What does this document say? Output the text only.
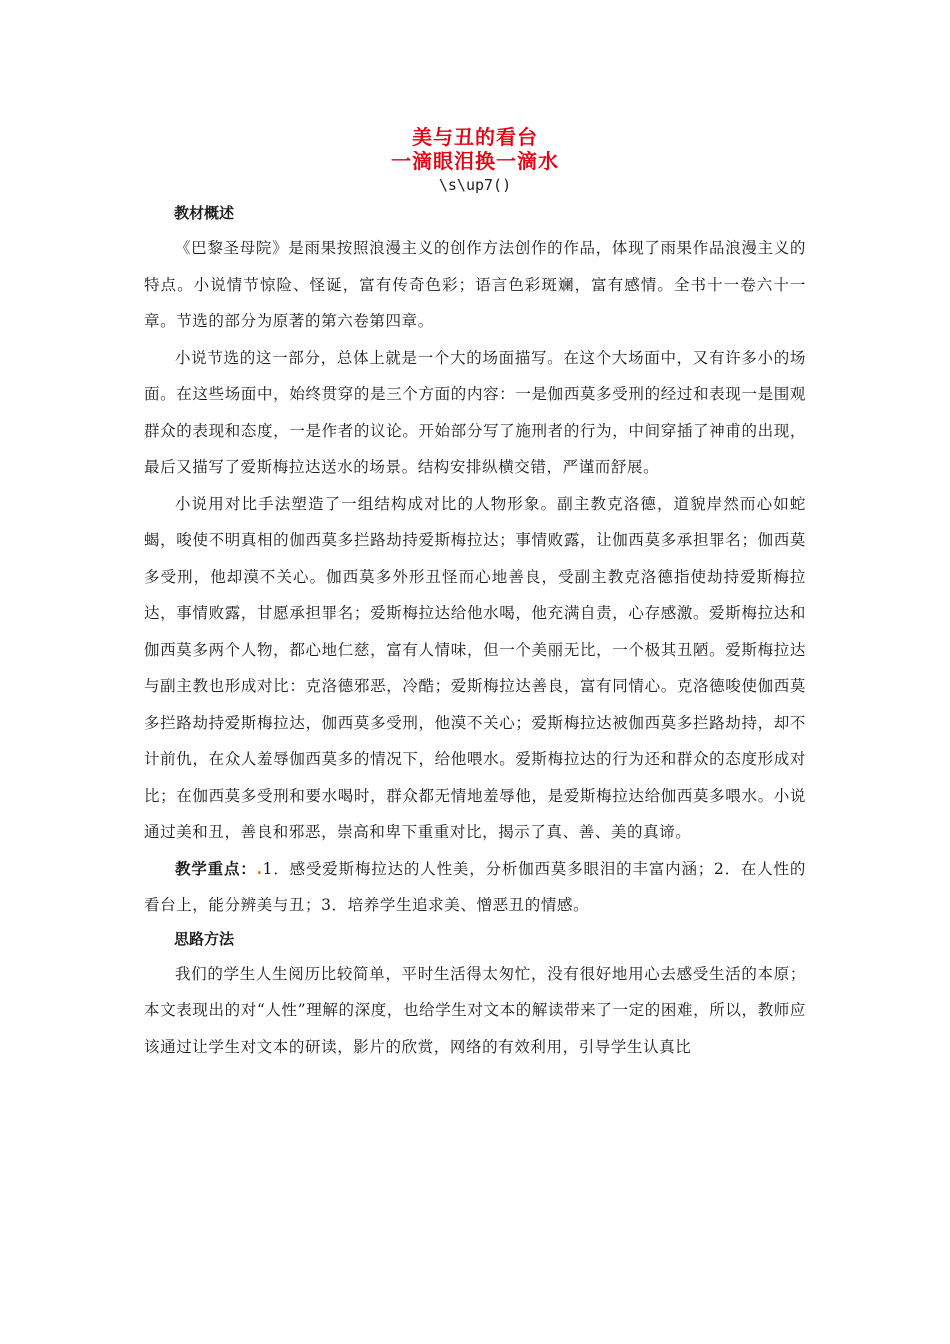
美与丑的看台
一滴眼泪换一滴水
\s\up7()
教材概述

《巴黎圣母院》是雨果按照浪漫主义的创作方法创作的作品，体现了雨果作品浪漫主义的特点。小说情节惊险、怪诞，富有传奇色彩；语言色彩斑斓，富有感情。全书十一卷六十一章。节选的部分为原著的第六卷第四章。

小说节选的这一部分，总体上就是一个大的场面描写。在这个大场面中，又有许多小的场面。在这些场面中，始终贯穿的是三个方面的内容：一是伽西莫多受刑的经过和表现一是围观群众的表现和态度，一是作者的议论。开始部分写了施刑者的行为，中间穿插了神甫的出现，最后又描写了爱斯梅拉达送水的场景。结构安排纵横交错，严谨而舒展。

小说用对比手法塑造了一组结构成对比的人物形象。副主教克洛德，道貌岸然而心如蛇蝎，唆使不明真相的伽西莫多拦路劫持爱斯梅拉达；事情败露，让伽西莫多承担罪名；伽西莫多受刑，他却漠不关心。伽西莫多外形丑怪而心地善良，受副主教克洛德指使劫持爱斯梅拉达，事情败露，甘愿承担罪名；爱斯梅拉达给他水喝，他充满自责，心存感激。爱斯梅拉达和伽西莫多两个人物，都心地仁慈，富有人情味，但一个美丽无比，一个极其丑陋。爱斯梅拉达与副主教也形成对比：克洛德邪恶，冷酷；爱斯梅拉达善良，富有同情心。克洛德唆使伽西莫多拦路劫持爱斯梅拉达，伽西莫多受刑，他漠不关心；爱斯梅拉达被伽西莫多拦路劫持，却不计前仇，在众人羞辱伽西莫多的情况下，给他喂水。爱斯梅拉达的行为还和群众的态度形成对比；在伽西莫多受刑和要水喝时，群众都无情地羞辱他，是爱斯梅拉达给伽西莫多喂水。小说通过美和丑，善良和邪恶，崇高和卑下重重对比，揭示了真、善、美的真谛。

教学重点：.1．感受爱斯梅拉达的人性美，分析伽西莫多眼泪的丰富内涵；2．在人性的看台上，能分辨美与丑；3．培养学生追求美、憎恶丑的情感。

思路方法

我们的学生人生阅历比较简单，平时生活得太匆忙，没有很好地用心去感受生活的本原；本文表现出的对“人性”理解的深度，也给学生对文本的解读带来了一定的困难，所以，教师应该通过让学生对文本的研读，影片的欣赏，网络的有效利用，引导学生认真比
